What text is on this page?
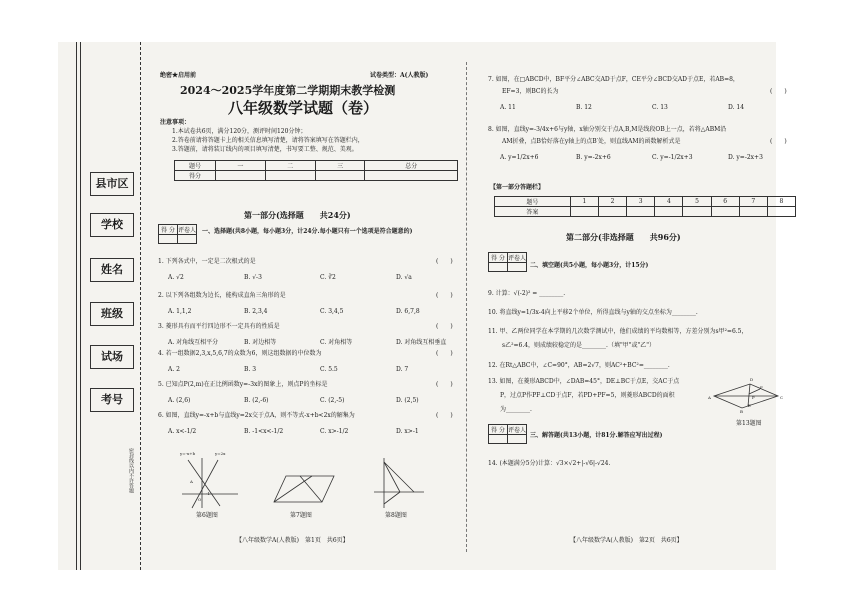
密封线以内不许答题
县市区
学校
姓名
班级
试场
考号
绝密★启用前	试卷类型：A(人教版)
2024～2025学年度第二学期期末教学检测
八年级数学试题（卷）
注意事项：
1.本试卷共6页，满分120分，测评时间120分钟；
2.答卷前请将答题卡上的相关信息填写清楚，请将答案填写在答题栏内，
3.答题前，请将装订线内的项目填写清楚，书写要工整、规范、美观。
题号	一	二	三	总分
得分				
第一部分(选择题　　共24分)
得 分	评卷人
	一、选择题(共8小题，每小题3分，计24分.每小题只有一个选项是符合题意的)
1. 下列各式中，一定是二次根式的是	(　　)
A. √2	B. √-3	C. ∛2	D. √a
2. 以下列各组数为边长，能构成直角三角形的是	(　　)
A. 1,1,2	B. 2,3,4	C. 3,4,5	D. 6,7,8
3. 菱形具有而平行四边形不一定具有的性质是	(　　)
A. 对角线互相平分	B. 对边相等	C. 对角相等	D. 对角线互相垂直
4. 若一组数据2,3,x,5,6,7的众数为6，则这组数据的中位数为	(　　)
A. 2	B. 3	C. 5.5	D. 7
5. 已知点P(2,m)在正比例函数y=-3x的图象上，则点P的坐标是	(　　)
A. (2,6)	B. (2,-6)	C. (2,-5)	D. (2,5)
6. 如图，直线y=-x+b与直线y=2x交于点A，则不等式-x+b<2x的解集为	(　　)
A. x<-1/2	B. -1<x<-1/2	C. x>-1/2	D. x>-1
y=-x+b	y=2x
A
O
-1
第6题图	第7题图	第8题图
【八年级数学A(人教版)　第1页　共6页】
7. 如图，在□ABCD中，BF平分∠ABC交AD于点F，CE平分∠BCD交AD于点E，若AB=8，
EF=3，则BC的长为	(　　)
A. 11	B. 12	C. 13	D. 14
8. 如图，直线y=-3/4x+6与y轴，x轴分别交于点A,B,M是线段OB上一点，若将△ABM沿
AM折叠，点B恰好落在y轴上的点B′处，则直线AM的函数解析式是	(　　)
A. y=1/2x+6	B. y=-2x+6	C. y=-1/2x+3	D. y=-2x+3
【第一部分答题栏】
题号	1	2	3	4	5	6	7	8
答案								
第二部分(非选择题　　共96分)
得 分	评卷人

二、填空题(共5小题，每小题3分，计15分)
9. 计算：√(-2)² = ________.
10. 将直线y=1/3x-4向上平移2个单位，所得直线与y轴的交点坐标为________.
11. 甲、乙两位同学在本学期的几次数学测试中，他们成绩的平均数相等，方差分别为s甲²=6.5，
s乙²=6.4，则成绩较稳定的是________.（填"甲"或"乙"）
12. 在Rt△ABC中，∠C=90°，AB=2√7，则AC²+BC²=________.
13. 如图，在菱形ABCD中，∠DAB=45°，DE⊥BC于点E，交AC于点
P，过点P作PF⊥CD于点F，若PD+PF=5，则菱形ABCD的面积
为________.
D
F
A	P	C
B
E
第13题图
得 分	评卷人

三、解答题(共13小题，计81分.解答应写出过程)
14. (本题满分5分)计算：√3×√2+|-√6|-√24.
【八年级数学A(人教版)　第2页　共6页】
